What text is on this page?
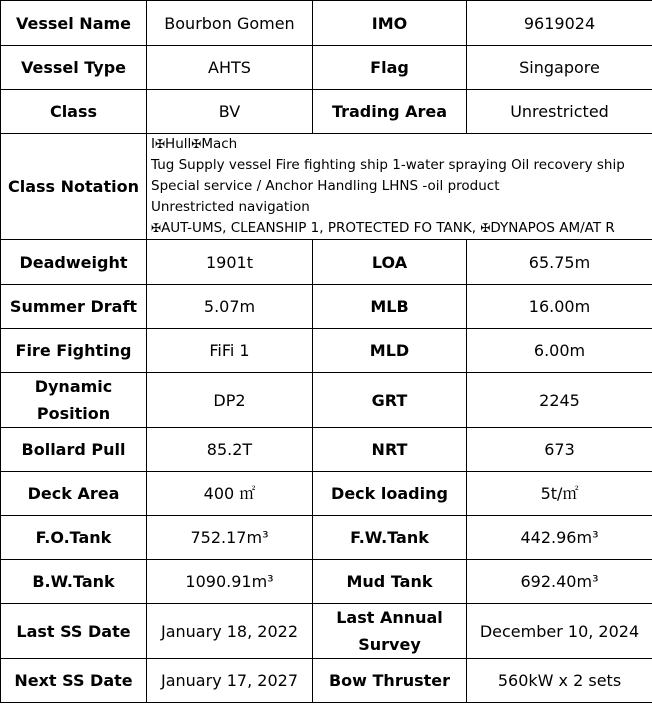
Vessel Name	Bourbon Gomen	IMO	9619024
Vessel Type	AHTS	Flag	Singapore
Class	BV	Trading Area	Unrestricted
Class Notation	I✠Hull✠Mach
Tug Supply vessel Fire fighting ship 1-water spraying Oil recovery ship
Special service / Anchor Handling LHNS -oil product
Unrestricted navigation
✠AUT-UMS, CLEANSHIP 1, PROTECTED FO TANK, ✠DYNAPOS AM/AT R		

Deadweight	1901t	LOA	65.75m
Summer Draft	5.07m	MLB	16.00m
Fire Fighting	FiFi 1	MLD	6.00m
Dynamic Position	DP2	GRT	2245
Bollard Pull	85.2T	NRT	673
Deck Area	400 ㎡	Deck loading	5t/㎡
F.O.Tank	752.17m³	F.W.Tank	442.96m³
B.W.Tank	1090.91m³	Mud Tank	692.40m³
Last SS Date	January 18, 2022	Last Annual Survey	December 10, 2024
Next SS Date	January 17, 2027	Bow Thruster	560kW x 2 sets
